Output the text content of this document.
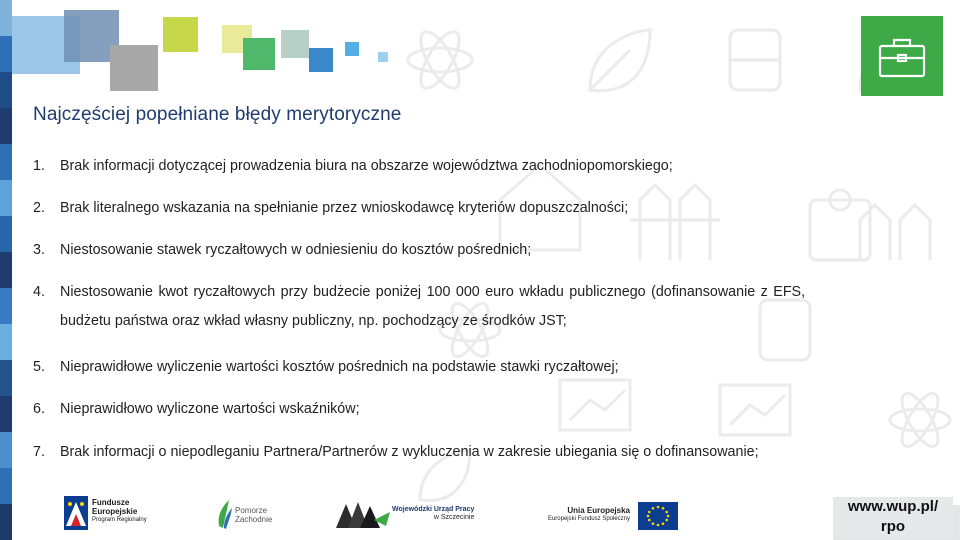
Najczęściej popełniane błędy merytoryczne
1. Brak informacji dotyczącej prowadzenia biura na obszarze województwa zachodniopomorskiego;
2. Brak literalnego wskazania na spełnianie przez wnioskodawcę kryteriów dopuszczalności;
3. Niestosowanie stawek ryczałtowych w odniesieniu do kosztów pośrednich;
4. Niestosowanie kwot ryczałtowych przy budżecie poniżej 100 000 euro wkładu publicznego (dofinansowanie z EFS,
budżetu państwa oraz wkład własny publiczny, np. pochodzący ze środków JST;
5. Nieprawidłowe wyliczenie wartości kosztów pośrednich na podstawie stawki ryczałtowej;
6. Nieprawidłowo wyliczone wartości wskaźników;
7. Brak informacji o niepodleganiu Partnera/Partnerów z wykluczenia w zakresie ubiegania się o dofinansowanie;
Fundusze
Europejskie
Program Regionalny
Pomorze
Zachodnie
Wojewódzki Urząd Pracy
w Szczecinie
Unia Europejska
Europejski Fundusz Społeczny
www.wup.pl/
rpo
